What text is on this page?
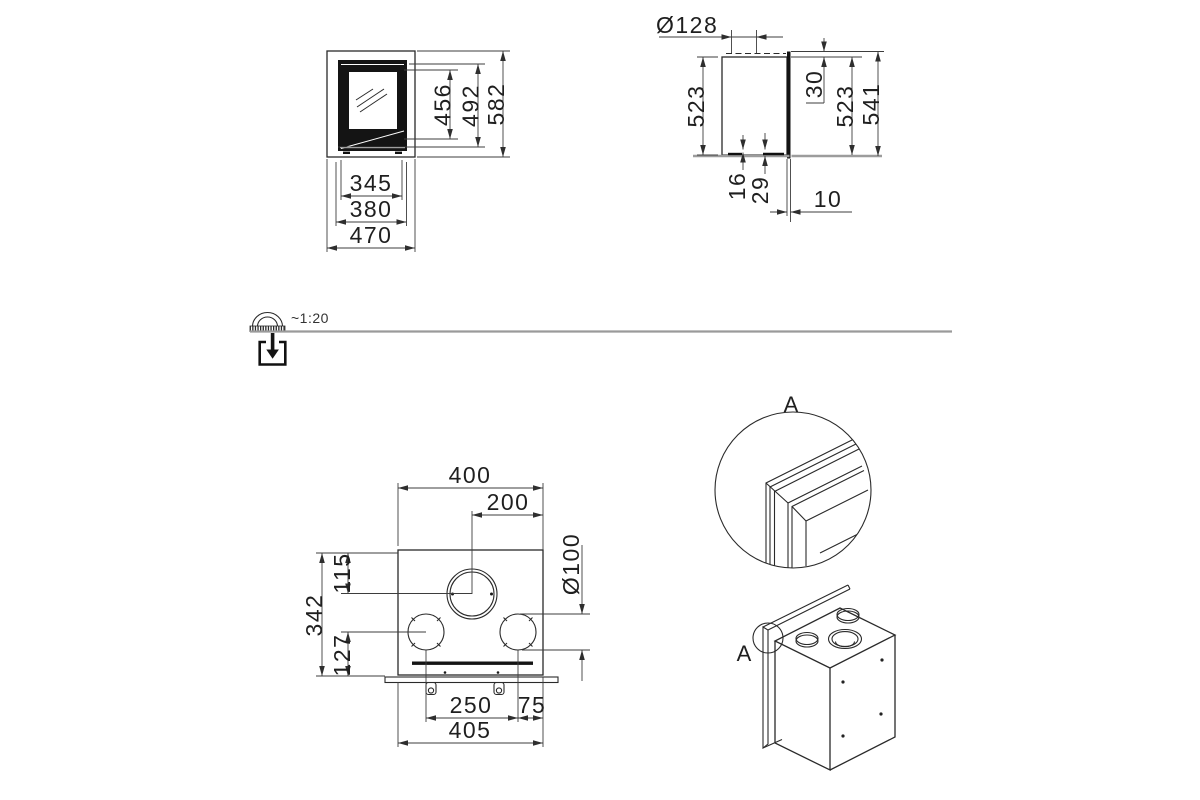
456 492 582
345
380
470
Ø128
523
30
523 541
16
29 10
~1:20
400
200
115
342
127
Ø100
250 75
405
A
A
